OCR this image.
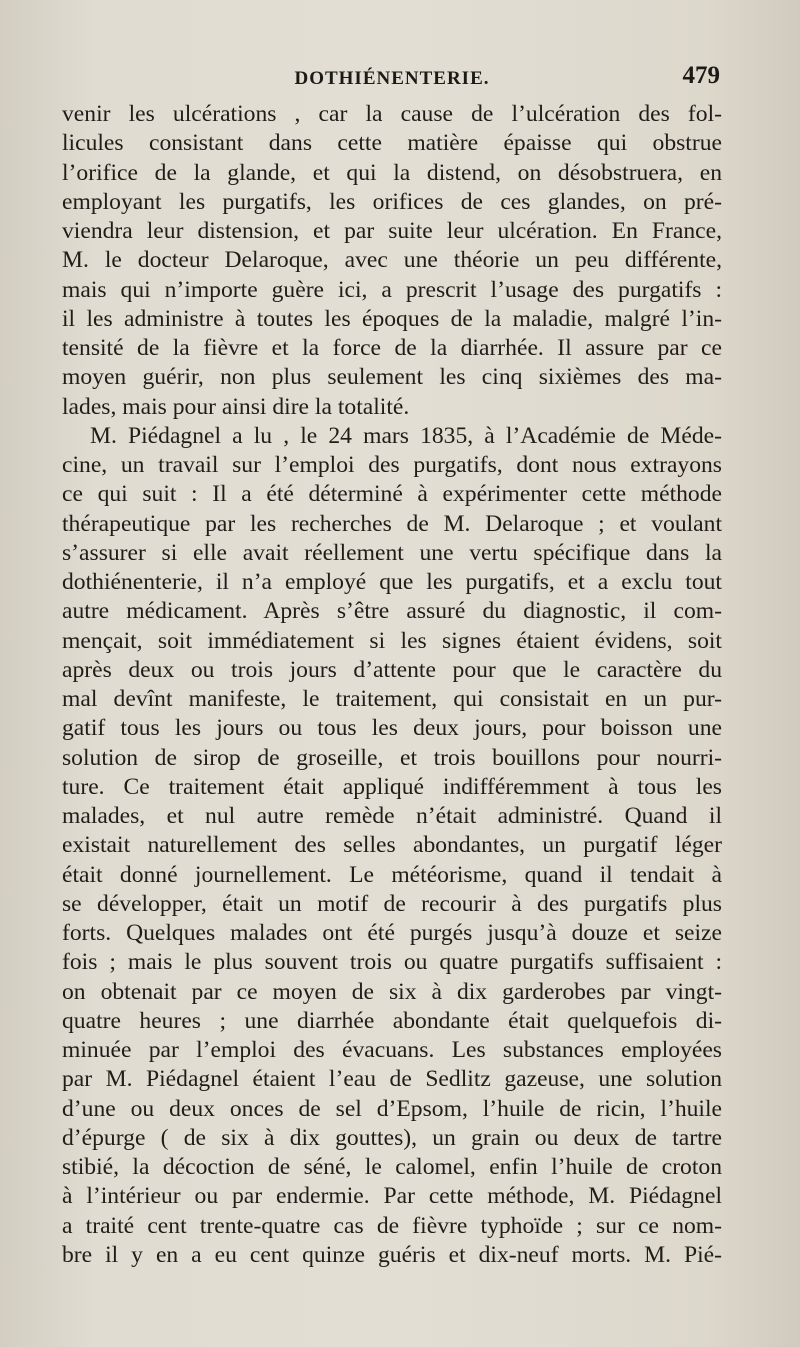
DOTHIÉNENTERIE.	479
venir les ulcérations , car la cause de l’ulcération des fol-
licules consistant dans cette matière épaisse qui obstrue
l’orifice de la glande, et qui la distend, on désobstruera, en
employant les purgatifs, les orifices de ces glandes, on pré-
viendra leur distension, et par suite leur ulcération. En France,
M. le docteur Delaroque, avec une théorie un peu différente,
mais qui n’importe guère ici, a prescrit l’usage des purgatifs :
il les administre à toutes les époques de la maladie, malgré l’in-
tensité de la fièvre et la force de la diarrhée. Il assure par ce
moyen guérir, non plus seulement les cinq sixièmes des ma-
lades, mais pour ainsi dire la totalité.
M. Piédagnel a lu , le 24 mars 1835, à l’Académie de Méde-
cine, un travail sur l’emploi des purgatifs, dont nous extrayons
ce qui suit : Il a été déterminé à expérimenter cette méthode
thérapeutique par les recherches de M. Delaroque ; et voulant
s’assurer si elle avait réellement une vertu spécifique dans la
dothiénenterie, il n’a employé que les purgatifs, et a exclu tout
autre médicament. Après s’être assuré du diagnostic, il com-
mençait, soit immédiatement si les signes étaient évidens, soit
après deux ou trois jours d’attente pour que le caractère du
mal devînt manifeste, le traitement, qui consistait en un pur-
gatif tous les jours ou tous les deux jours, pour boisson une
solution de sirop de groseille, et trois bouillons pour nourri-
ture. Ce traitement était appliqué indifféremment à tous les
malades, et nul autre remède n’était administré. Quand il
existait naturellement des selles abondantes, un purgatif léger
était donné journellement. Le météorisme, quand il tendait à
se développer, était un motif de recourir à des purgatifs plus
forts. Quelques malades ont été purgés jusqu’à douze et seize
fois ; mais le plus souvent trois ou quatre purgatifs suffisaient :
on obtenait par ce moyen de six à dix garderobes par vingt-
quatre heures ; une diarrhée abondante était quelquefois di-
minuée par l’emploi des évacuans. Les substances employées
par M. Piédagnel étaient l’eau de Sedlitz gazeuse, une solution
d’une ou deux onces de sel d’Epsom, l’huile de ricin, l’huile
d’épurge ( de six à dix gouttes), un grain ou deux de tartre
stibié, la décoction de séné, le calomel, enfin l’huile de croton
à l’intérieur ou par endermie. Par cette méthode, M. Piédagnel
a traité cent trente-quatre cas de fièvre typhoïde ; sur ce nom-
bre il y en a eu cent quinze guéris et dix-neuf morts. M. Pié-
